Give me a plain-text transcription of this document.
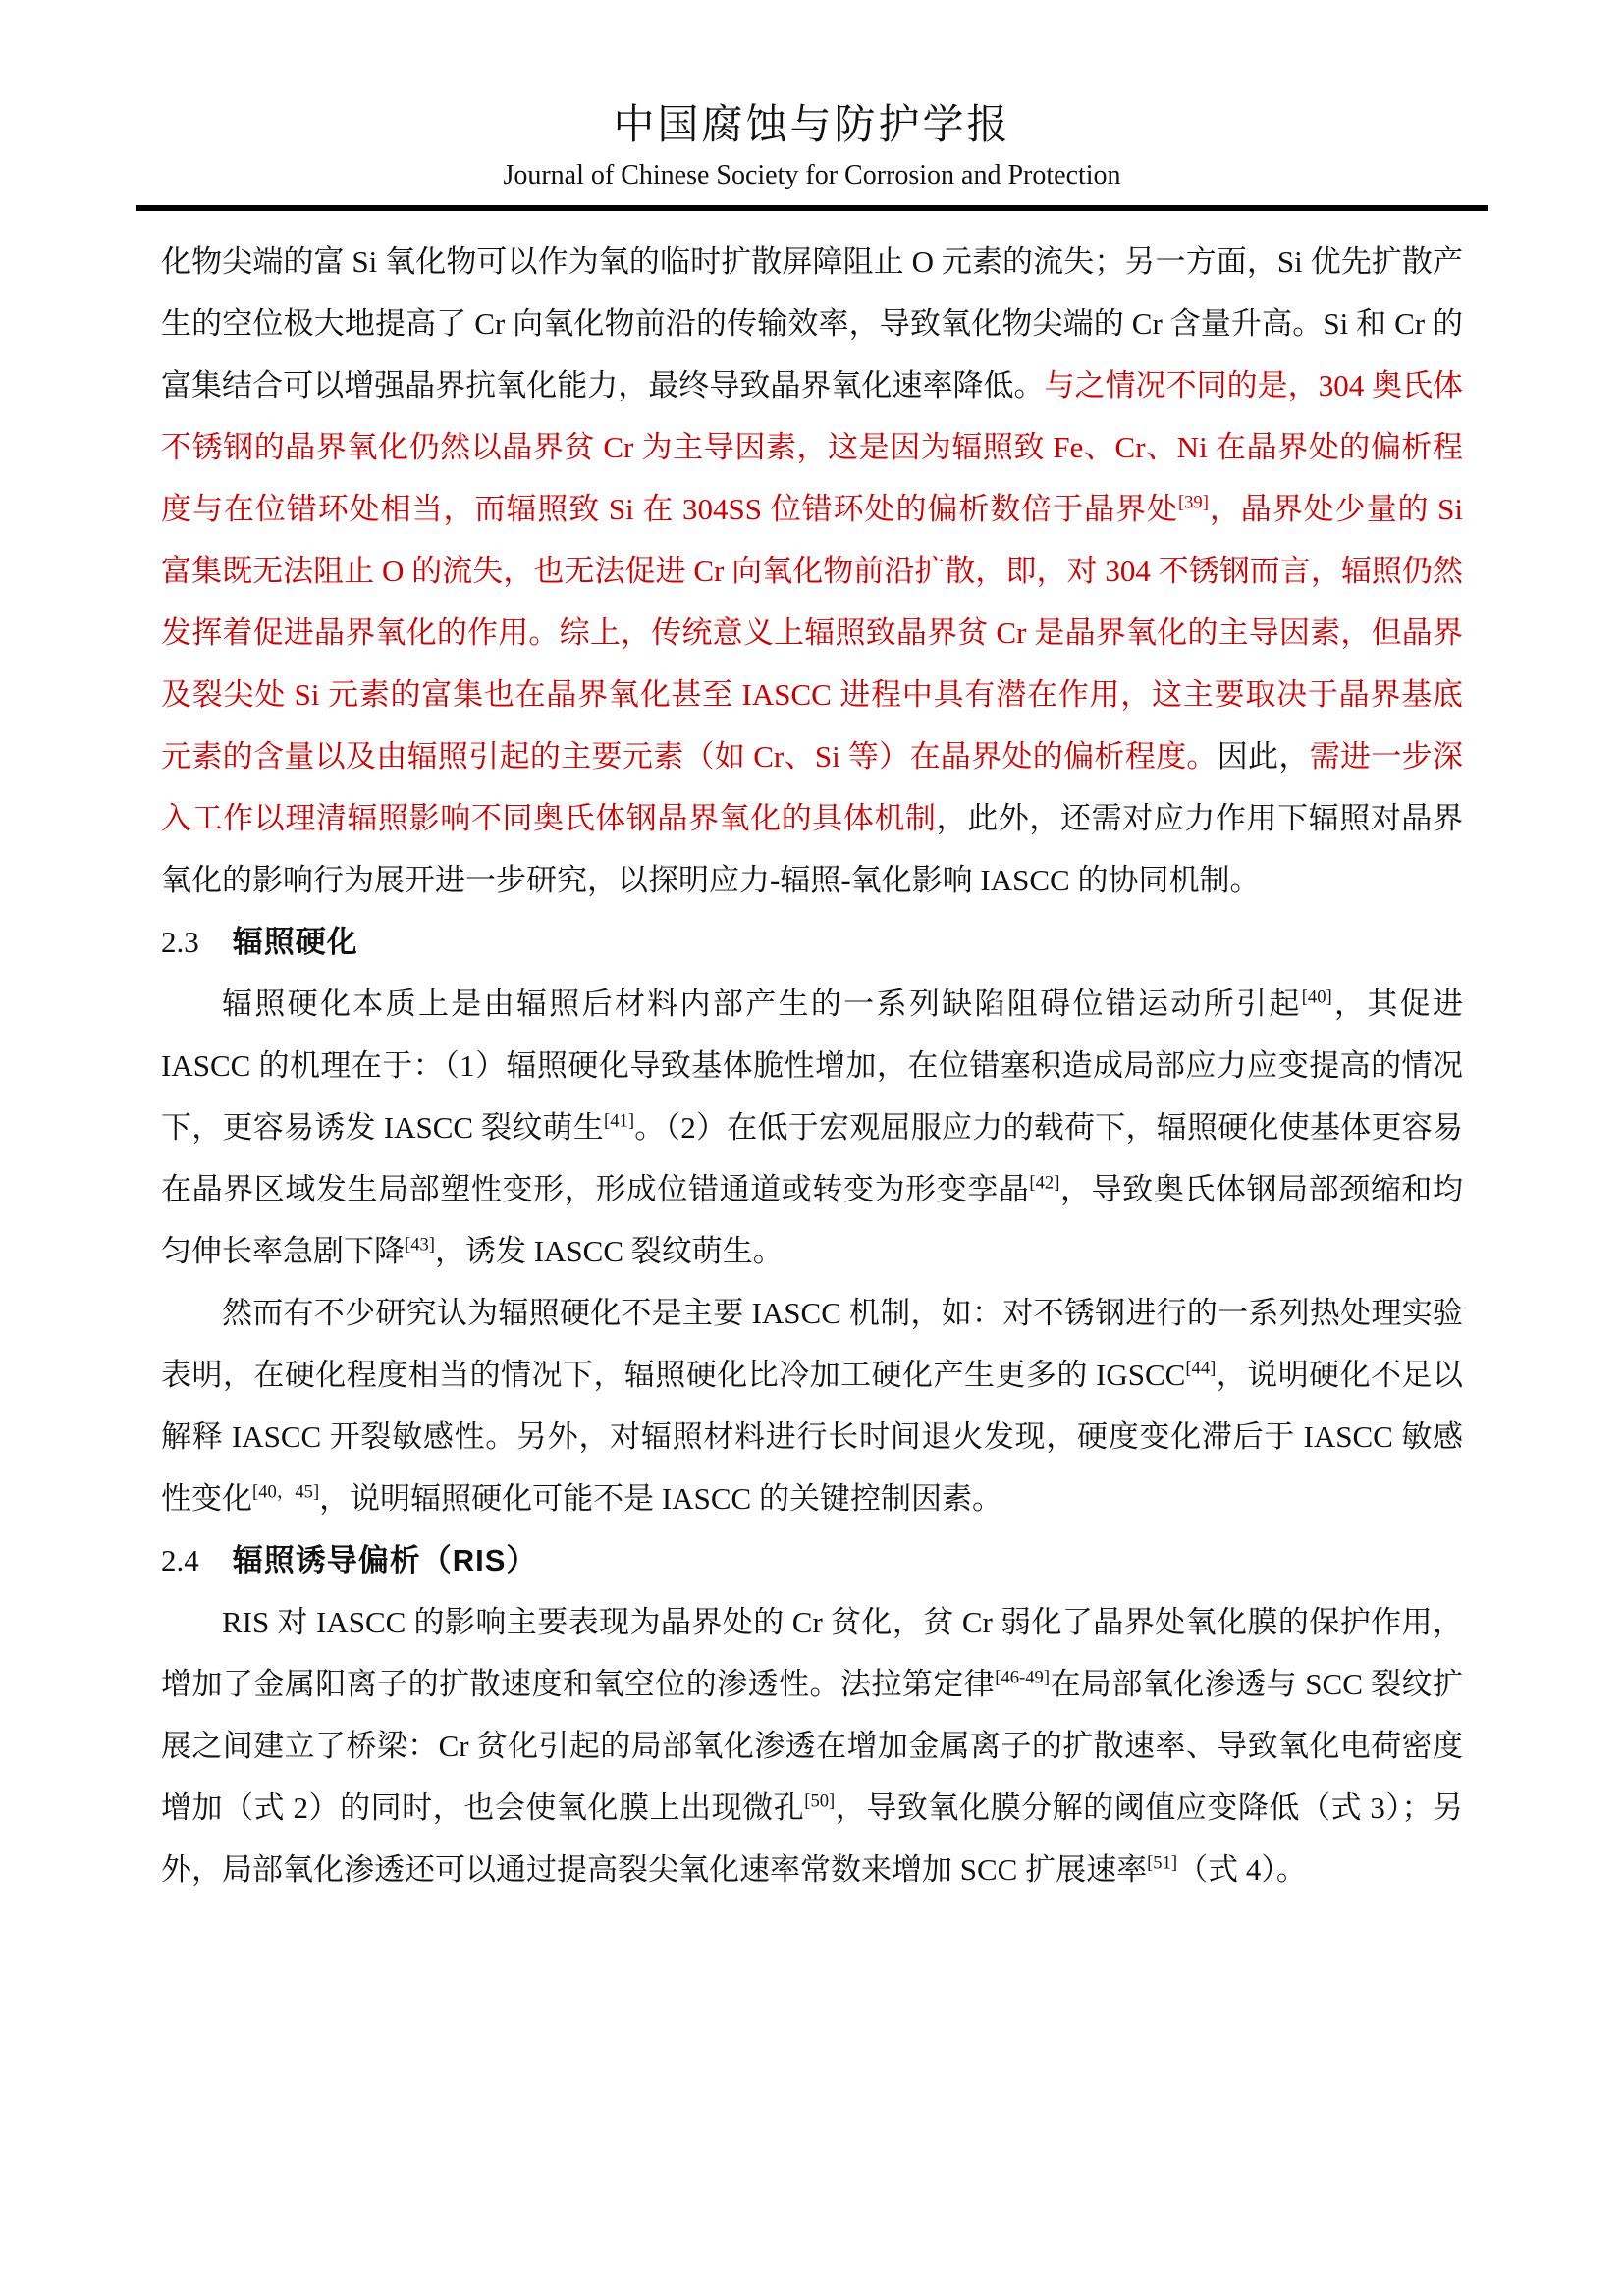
中国腐蚀与防护学报
Journal of Chinese Society for Corrosion and Protection

化物尖端的富 Si 氧化物可以作为氧的临时扩散屏障阻止 O 元素的流失；另一方面，Si 优先扩散产生的空位极大地提高了 Cr 向氧化物前沿的传输效率，导致氧化物尖端的 Cr 含量升高。Si 和 Cr 的富集结合可以增强晶界抗氧化能力，最终导致晶界氧化速率降低。与之情况不同的是，304 奥氏体不锈钢的晶界氧化仍然以晶界贫 Cr 为主导因素，这是因为辐照致 Fe、Cr、Ni 在晶界处的偏析程度与在位错环处相当，而辐照致 Si 在 304SS 位错环处的偏析数倍于晶界处[39]，晶界处少量的 Si 富集既无法阻止 O 的流失，也无法促进 Cr 向氧化物前沿扩散，即，对 304 不锈钢而言，辐照仍然发挥着促进晶界氧化的作用。综上，传统意义上辐照致晶界贫 Cr 是晶界氧化的主导因素，但晶界及裂尖处 Si 元素的富集也在晶界氧化甚至 IASCC 进程中具有潜在作用，这主要取决于晶界基底元素的含量以及由辐照引起的主要元素（如 Cr、Si 等）在晶界处的偏析程度。因此，需进一步深入工作以理清辐照影响不同奥氏体钢晶界氧化的具体机制，此外，还需对应力作用下辐照对晶界氧化的影响行为展开进一步研究，以探明应力-辐照-氧化影响 IASCC 的协同机制。

2.3 辐照硬化

辐照硬化本质上是由辐照后材料内部产生的一系列缺陷阻碍位错运动所引起[40]，其促进 IASCC 的机理在于：（1）辐照硬化导致基体脆性增加，在位错塞积造成局部应力应变提高的情况下，更容易诱发 IASCC 裂纹萌生[41]。（2）在低于宏观屈服应力的载荷下，辐照硬化使基体更容易在晶界区域发生局部塑性变形，形成位错通道或转变为形变孪晶[42]，导致奥氏体钢局部颈缩和均匀伸长率急剧下降[43]，诱发 IASCC 裂纹萌生。

然而有不少研究认为辐照硬化不是主要 IASCC 机制，如：对不锈钢进行的一系列热处理实验表明，在硬化程度相当的情况下，辐照硬化比冷加工硬化产生更多的 IGSCC[44]，说明硬化不足以解释 IASCC 开裂敏感性。另外，对辐照材料进行长时间退火发现，硬度变化滞后于 IASCC 敏感性变化[40，45]，说明辐照硬化可能不是 IASCC 的关键控制因素。

2.4 辐照诱导偏析（RIS）

RIS 对 IASCC 的影响主要表现为晶界处的 Cr 贫化，贫 Cr 弱化了晶界处氧化膜的保护作用，增加了金属阳离子的扩散速度和氧空位的渗透性。法拉第定律[46-49]在局部氧化渗透与 SCC 裂纹扩展之间建立了桥梁：Cr 贫化引起的局部氧化渗透在增加金属离子的扩散速率、导致氧化电荷密度增加（式 2）的同时，也会使氧化膜上出现微孔[50]，导致氧化膜分解的阈值应变降低（式 3）；另外，局部氧化渗透还可以通过提高裂尖氧化速率常数来增加 SCC 扩展速率[51]（式 4）。
